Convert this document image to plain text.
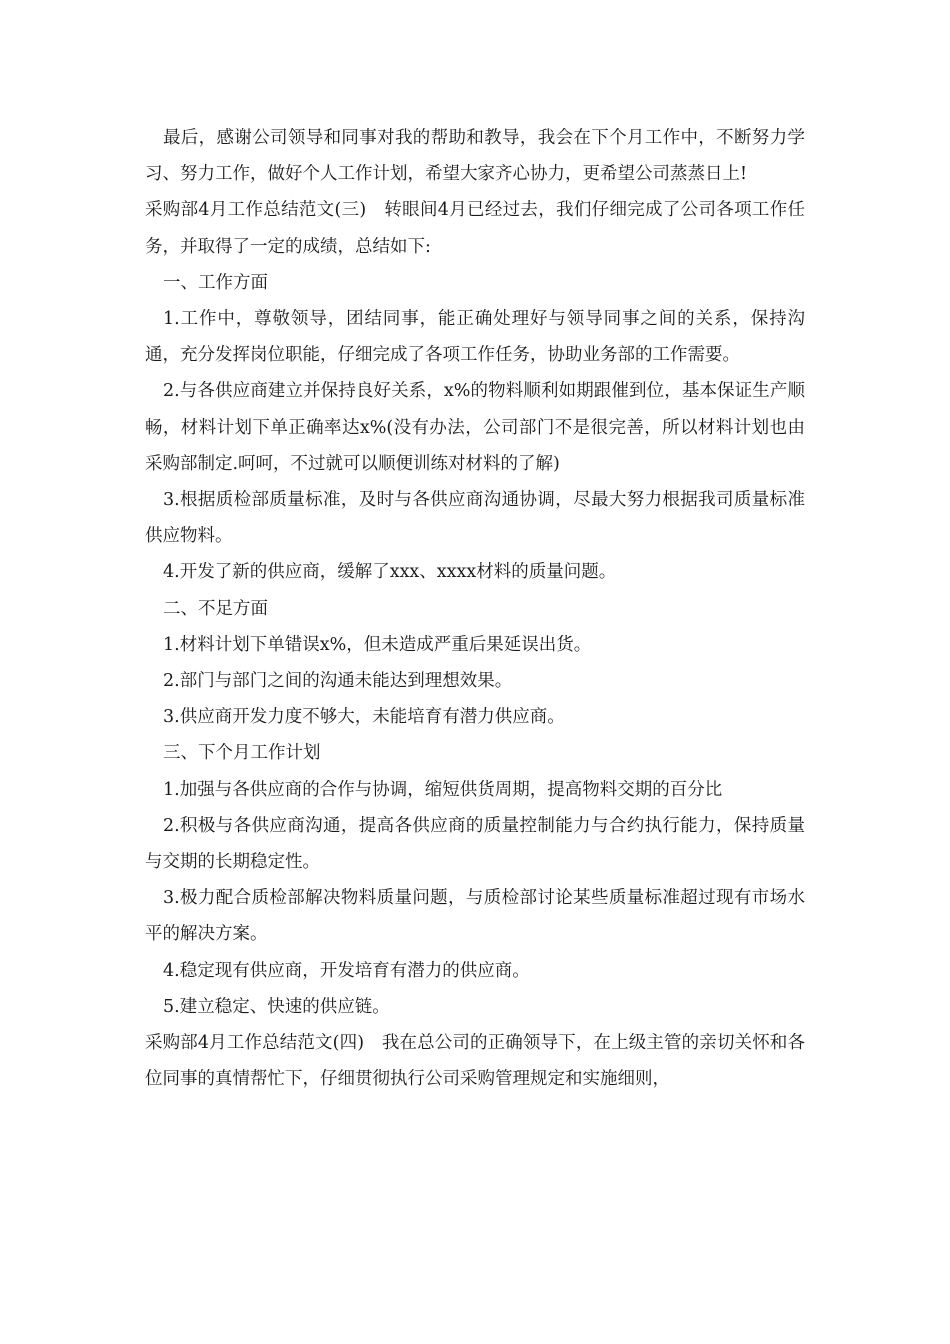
最后，感谢公司领导和同事对我的帮助和教导，我会在下个月工作中，不断努力学习、努力工作，做好个人工作计划，希望大家齐心协力，更希望公司蒸蒸日上!

采购部4月工作总结范文(三)　转眼间4月已经过去，我们仔细完成了公司各项工作任务，并取得了一定的成绩，总结如下:

一、工作方面

1.工作中，尊敬领导，团结同事，能正确处理好与领导同事之间的关系，保持沟通，充分发挥岗位职能，仔细完成了各项工作任务，协助业务部的工作需要。

2.与各供应商建立并保持良好关系，x%的物料顺利如期跟催到位，基本保证生产顺畅，材料计划下单正确率达x%(没有办法，公司部门不是很完善，所以材料计划也由采购部制定.呵呵，不过就可以顺便训练对材料的了解)

3.根据质检部质量标准，及时与各供应商沟通协调，尽最大努力根据我司质量标准供应物料。

4.开发了新的供应商，缓解了xxx、xxxx材料的质量问题。

二、不足方面

1.材料计划下单错误x%，但未造成严重后果延误出货。

2.部门与部门之间的沟通未能达到理想效果。

3.供应商开发力度不够大，未能培育有潜力供应商。

三、下个月工作计划

1.加强与各供应商的合作与协调，缩短供货周期，提高物料交期的百分比

2.积极与各供应商沟通，提高各供应商的质量控制能力与合约执行能力，保持质量与交期的长期稳定性。

3.极力配合质检部解决物料质量问题，与质检部讨论某些质量标准超过现有市场水平的解决方案。

4.稳定现有供应商，开发培育有潜力的供应商。

5.建立稳定、快速的供应链。

采购部4月工作总结范文(四)　我在总公司的正确领导下，在上级主管的亲切关怀和各位同事的真情帮忙下，仔细贯彻执行公司采购管理规定和实施细则，
